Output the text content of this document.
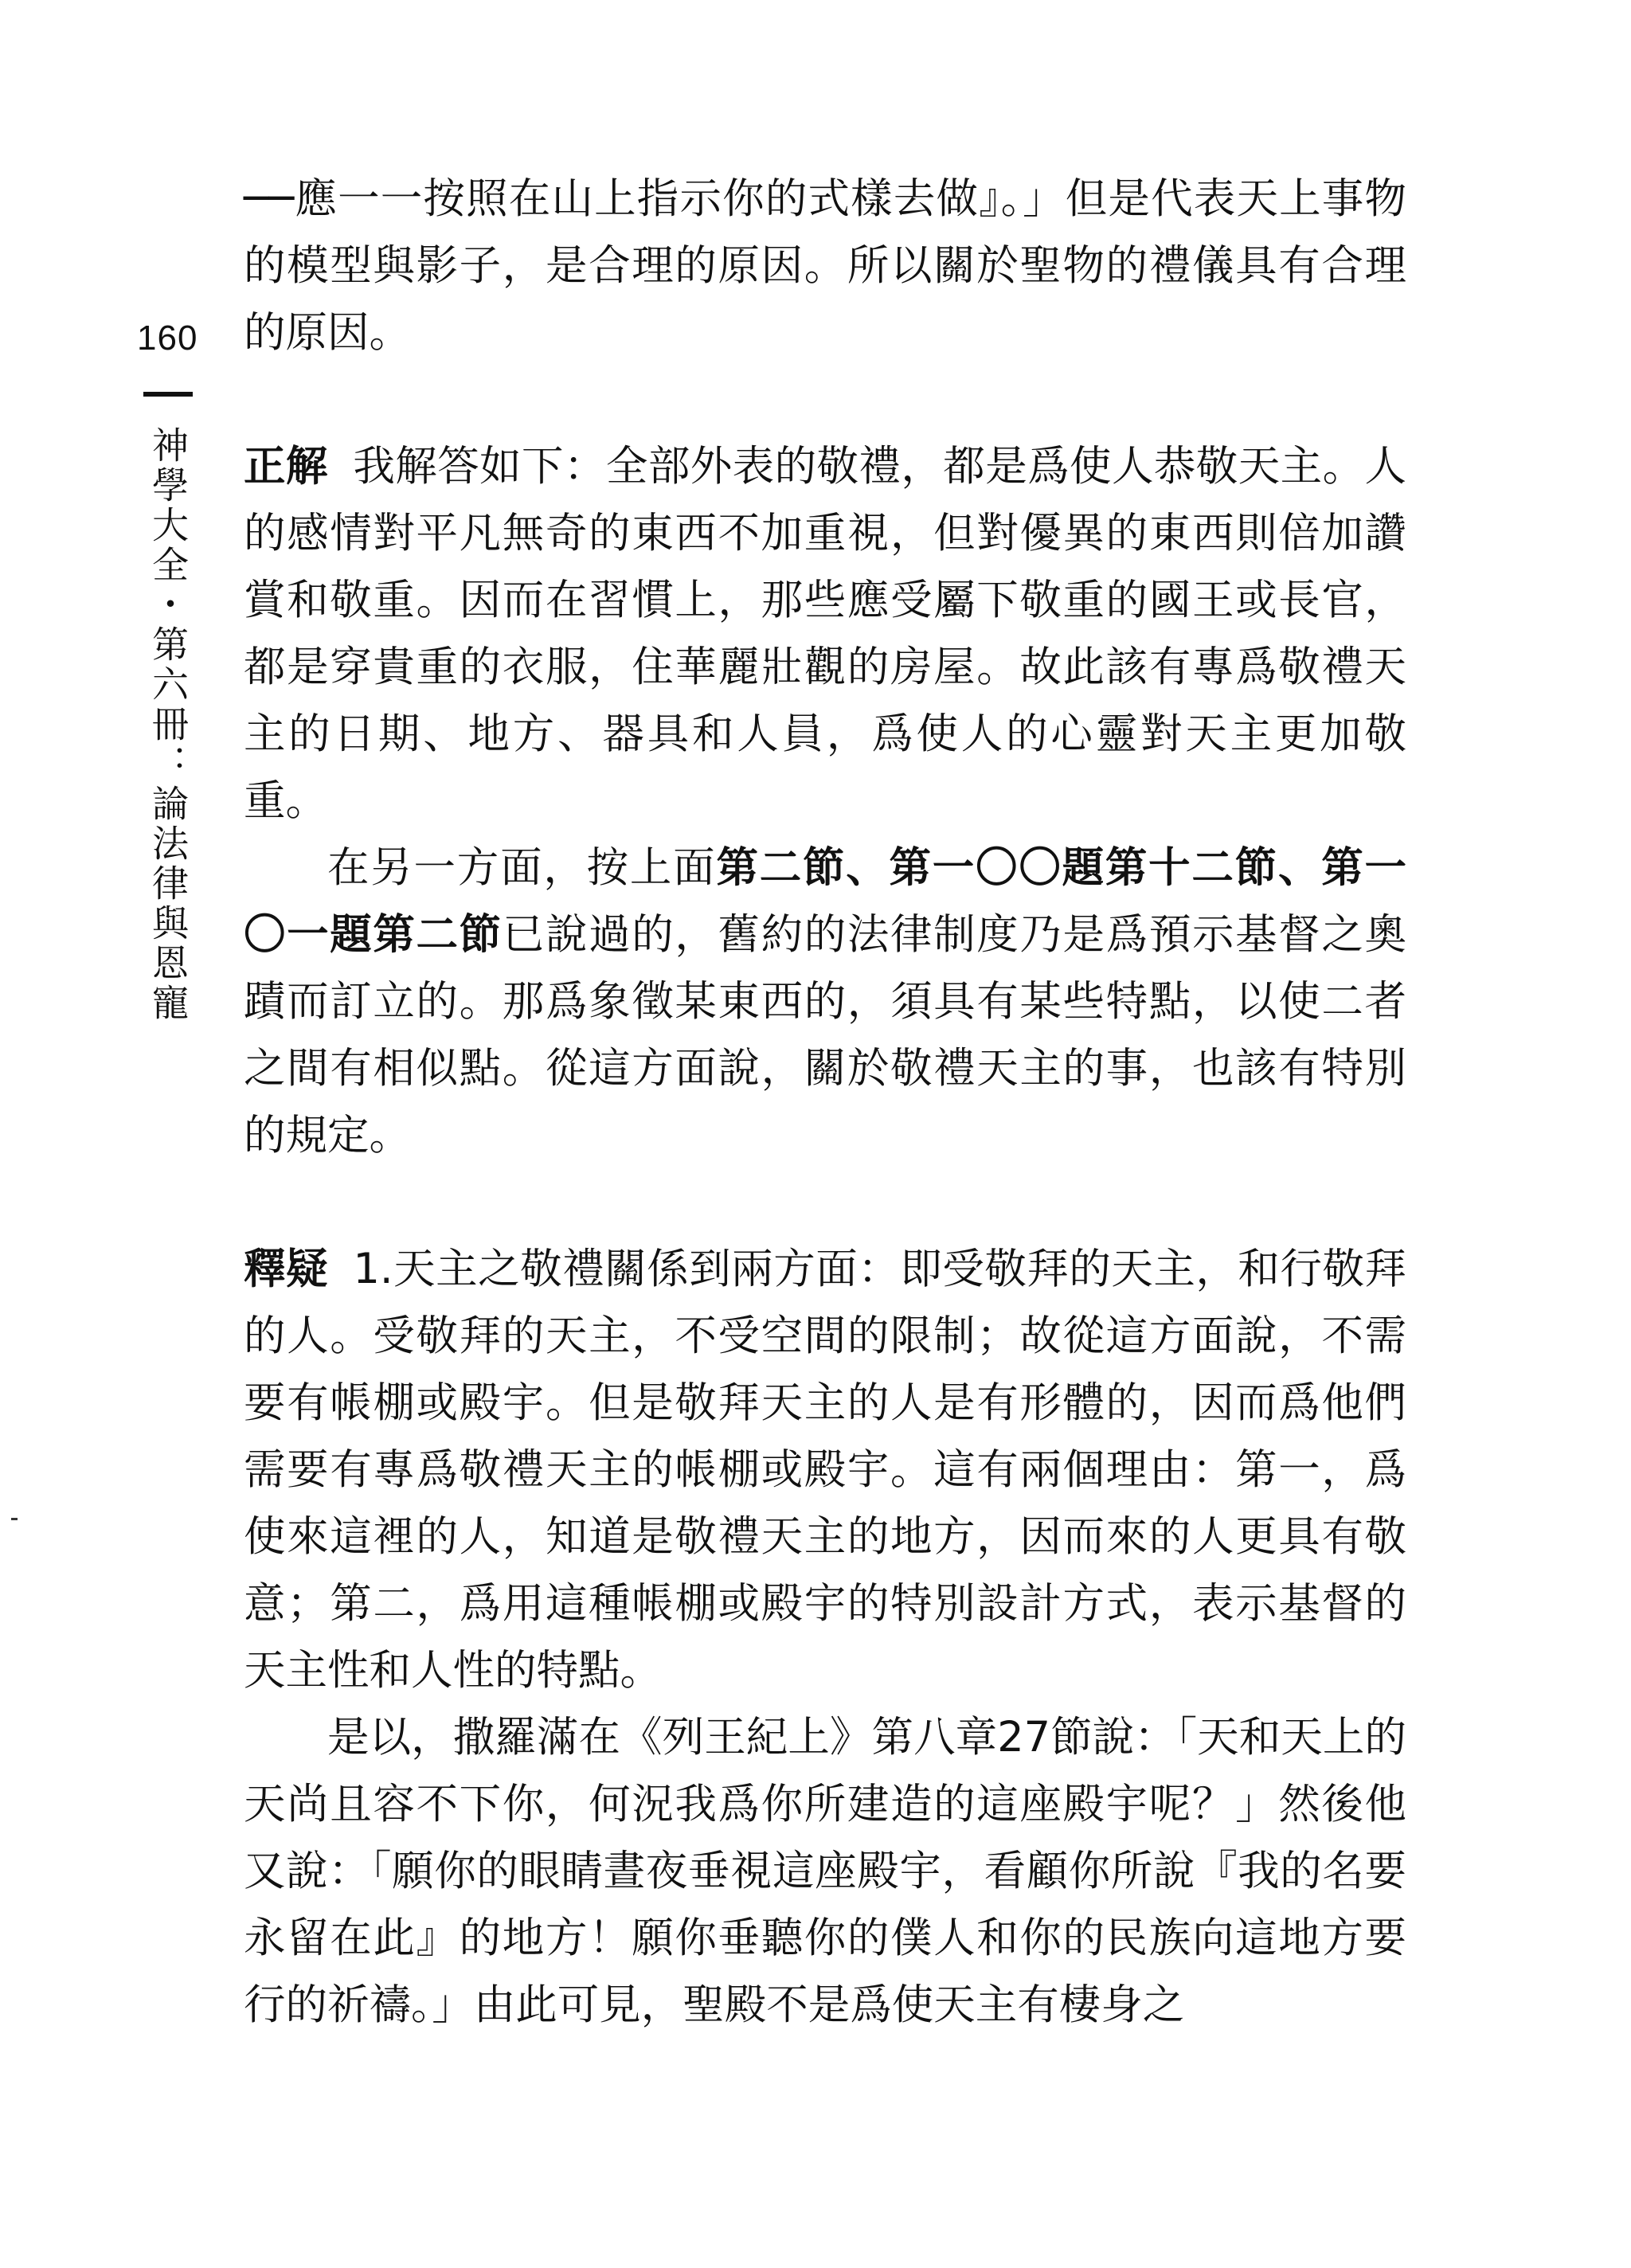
160
神學大全・第六冊：論法律與恩寵

──應一一按照在山上指示你的式樣去做』。」但是代表天上事物的模型與影子，是合理的原因。所以關於聖物的禮儀具有合理的原因。

正解 我解答如下：全部外表的敬禮，都是爲使人恭敬天主。人的感情對平凡無奇的東西不加重視，但對優異的東西則倍加讚賞和敬重。因而在習慣上，那些應受屬下敬重的國王或長官，都是穿貴重的衣服，住華麗壯觀的房屋。故此該有專爲敬禮天主的日期、地方、器具和人員，爲使人的心靈對天主更加敬重。

在另一方面，按上面第二節、第一〇〇題第十二節、第一〇一題第二節已說過的，舊約的法律制度乃是爲預示基督之奧蹟而訂立的。那爲象徵某東西的，須具有某些特點，以使二者之間有相似點。從這方面說，關於敬禮天主的事，也該有特別的規定。

釋疑 1.天主之敬禮關係到兩方面：即受敬拜的天主，和行敬拜的人。受敬拜的天主，不受空間的限制；故從這方面說，不需要有帳棚或殿宇。但是敬拜天主的人是有形體的，因而爲他們需要有專爲敬禮天主的帳棚或殿宇。這有兩個理由：第一，爲使來這裡的人，知道是敬禮天主的地方，因而來的人更具有敬意；第二，爲用這種帳棚或殿宇的特別設計方式，表示基督的天主性和人性的特點。

是以，撒羅滿在《列王紀上》第八章27節說：「天和天上的天尚且容不下你，何況我爲你所建造的這座殿宇呢？」然後他又說：「願你的眼睛晝夜垂視這座殿宇，看顧你所說『我的名要永留在此』的地方！願你垂聽你的僕人和你的民族向這地方要行的祈禱。」由此可見，聖殿不是爲使天主有棲身之
